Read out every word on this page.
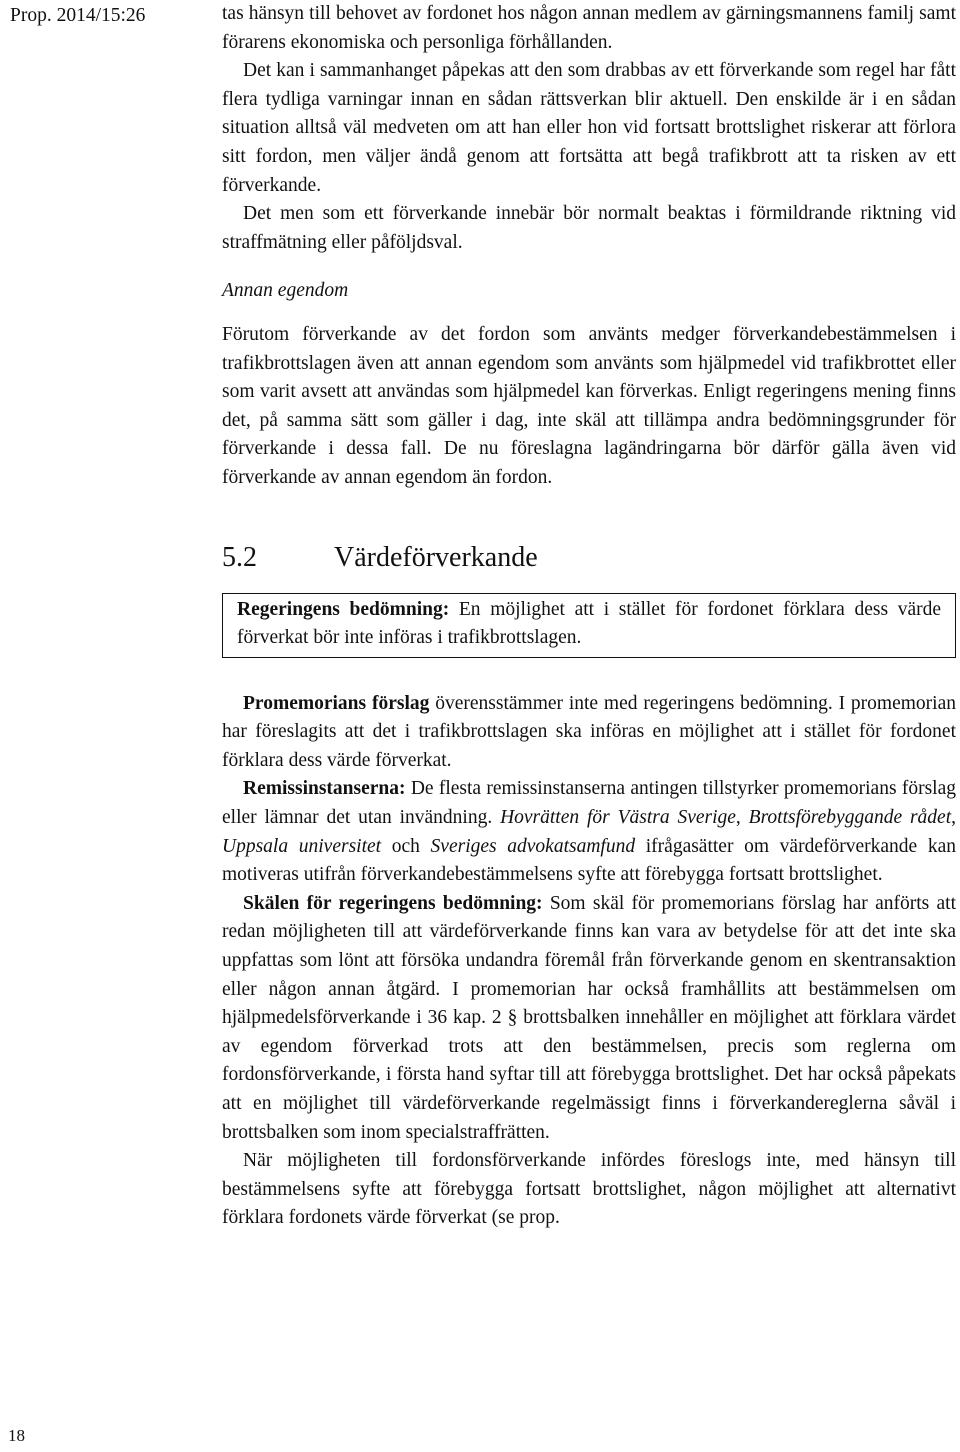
Prop. 2014/15:26
18

tas hänsyn till behovet av fordonet hos någon annan medlem av gärningsmannens familj samt förarens ekonomiska och personliga förhållanden.

Det kan i sammanhanget påpekas att den som drabbas av ett förverkande som regel har fått flera tydliga varningar innan en sådan rättsverkan blir aktuell. Den enskilde är i en sådan situation alltså väl medveten om att han eller hon vid fortsatt brottslighet riskerar att förlora sitt fordon, men väljer ändå genom att fortsätta att begå trafikbrott att ta risken av ett förverkande.

Det men som ett förverkande innebär bör normalt beaktas i förmildrande riktning vid straffmätning eller påföljdsval.

Annan egendom

Förutom förverkande av det fordon som använts medger förverkandebestämmelsen i trafikbrottslagen även att annan egendom som använts som hjälpmedel vid trafikbrottet eller som varit avsett att användas som hjälpmedel kan förverkas. Enligt regeringens mening finns det, på samma sätt som gäller i dag, inte skäl att tillämpa andra bedömningsgrunder för förverkande i dessa fall. De nu föreslagna lagändringarna bör därför gälla även vid förverkande av annan egendom än fordon.

5.2	Värdeförverkande

Regeringens bedömning: En möjlighet att i stället för fordonet förklara dess värde förverkat bör inte införas i trafikbrottslagen.

Promemorians förslag överensstämmer inte med regeringens bedömning. I promemorian har föreslagits att det i trafikbrottslagen ska införas en möjlighet att i stället för fordonet förklara dess värde förverkat.

Remissinstanserna: De flesta remissinstanserna antingen tillstyrker promemorians förslag eller lämnar det utan invändning. Hovrätten för Västra Sverige, Brottsförebyggande rådet, Uppsala universitet och Sveriges advokatsamfund ifrågasätter om värdeförverkande kan motiveras utifrån förverkandebestämmelsens syfte att förebygga fortsatt brottslighet.

Skälen för regeringens bedömning: Som skäl för promemorians förslag har anförts att redan möjligheten till att värdeförverkande finns kan vara av betydelse för att det inte ska uppfattas som lönt att försöka undandra föremål från förverkande genom en skentransaktion eller någon annan åtgärd. I promemorian har också framhållits att bestämmelsen om hjälpmedelsförverkande i 36 kap. 2 § brottsbalken innehåller en möjlighet att förklara värdet av egendom förverkad trots att den bestämmelsen, precis som reglerna om fordonsförverkande, i första hand syftar till att förebygga brottslighet. Det har också påpekats att en möjlighet till värdeförverkande regelmässigt finns i förverkandereglerna såväl i brottsbalken som inom specialstraffrätten.

När möjligheten till fordonsförverkande infördes föreslogs inte, med hänsyn till bestämmelsens syfte att förebygga fortsatt brottslighet, någon möjlighet att alternativt förklara fordonets värde förverkat (se prop.
